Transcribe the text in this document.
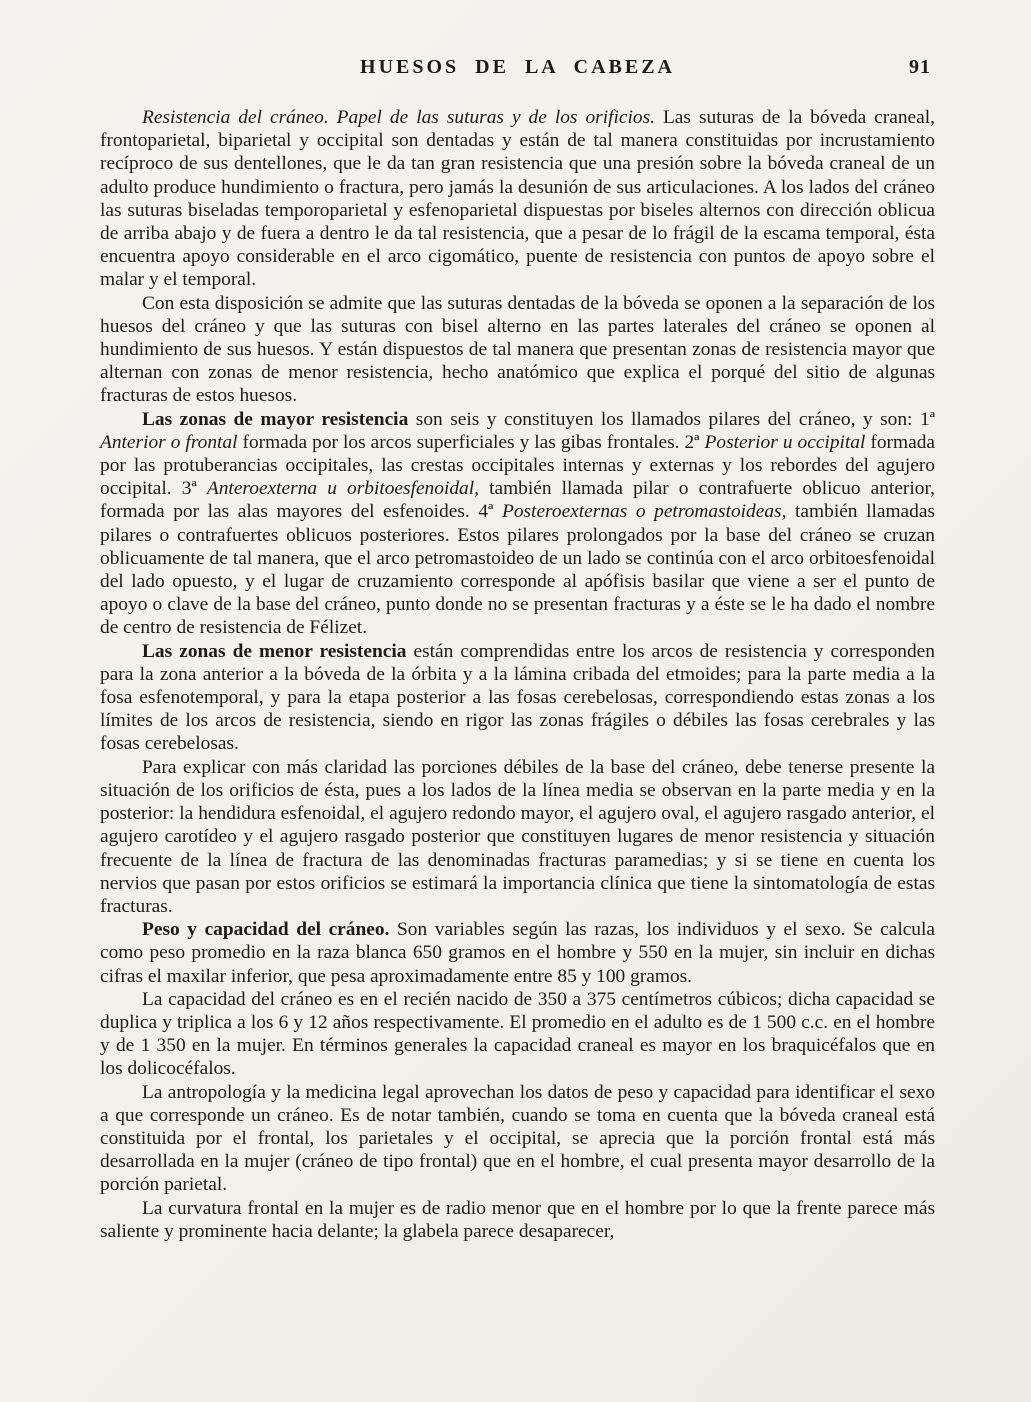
HUESOS DE LA CABEZA	91

Resistencia del cráneo. Papel de las suturas y de los orificios. Las suturas de la bóveda craneal, frontoparietal, biparietal y occipital son dentadas y están de tal manera constituidas por incrustamiento recíproco de sus dentellones, que le da tan gran resistencia que una presión sobre la bóveda craneal de un adulto produce hundimiento o fractura, pero jamás la desunión de sus articulaciones. A los lados del cráneo las suturas biseladas temporoparietal y esfenoparietal dispuestas por biseles alternos con dirección oblicua de arriba abajo y de fuera a dentro le da tal resistencia, que a pesar de lo frágil de la escama temporal, ésta encuentra apoyo considerable en el arco cigomático, puente de resistencia con puntos de apoyo sobre el malar y el temporal.

Con esta disposición se admite que las suturas dentadas de la bóveda se oponen a la separación de los huesos del cráneo y que las suturas con bisel alterno en las partes laterales del cráneo se oponen al hundimiento de sus huesos. Y están dispuestos de tal manera que presentan zonas de resistencia mayor que alternan con zonas de menor resistencia, hecho anatómico que explica el porqué del sitio de algunas fracturas de estos huesos.

Las zonas de mayor resistencia son seis y constituyen los llamados pilares del cráneo, y son: 1ª Anterior o frontal formada por los arcos superficiales y las gibas frontales. 2ª Posterior u occipital formada por las protuberancias occipitales, las crestas occipitales internas y externas y los rebordes del agujero occipital. 3ª Anteroexterna u orbitoesfenoidal, también llamada pilar o contrafuerte oblicuo anterior, formada por las alas mayores del esfenoides. 4ª Posteroexternas o petromastoideas, también llamadas pilares o contrafuertes oblicuos posteriores. Estos pilares prolongados por la base del cráneo se cruzan oblicuamente de tal manera, que el arco petromastoideo de un lado se continúa con el arco orbitoesfenoidal del lado opuesto, y el lugar de cruzamiento corresponde al apófisis basilar que viene a ser el punto de apoyo o clave de la base del cráneo, punto donde no se presentan fracturas y a éste se le ha dado el nombre de centro de resistencia de Félizet.

Las zonas de menor resistencia están comprendidas entre los arcos de resistencia y corresponden para la zona anterior a la bóveda de la órbita y a la lámina cribada del etmoides; para la parte media a la fosa esfenotemporal, y para la etapa posterior a las fosas cerebelosas, correspondiendo estas zonas a los límites de los arcos de resistencia, siendo en rigor las zonas frágiles o débiles las fosas cerebrales y las fosas cerebelosas.

Para explicar con más claridad las porciones débiles de la base del cráneo, debe tenerse presente la situación de los orificios de ésta, pues a los lados de la línea media se observan en la parte media y en la posterior: la hendidura esfenoidal, el agujero redondo mayor, el agujero oval, el agujero rasgado anterior, el agujero carotídeo y el agujero rasgado posterior que constituyen lugares de menor resistencia y situación frecuente de la línea de fractura de las denominadas fracturas paramedias; y si se tiene en cuenta los nervios que pasan por estos orificios se estimará la importancia clínica que tiene la sintomatología de estas fracturas.

Peso y capacidad del cráneo. Son variables según las razas, los individuos y el sexo. Se calcula como peso promedio en la raza blanca 650 gramos en el hombre y 550 en la mujer, sin incluir en dichas cifras el maxilar inferior, que pesa aproximadamente entre 85 y 100 gramos.

La capacidad del cráneo es en el recién nacido de 350 a 375 centímetros cúbicos; dicha capacidad se duplica y triplica a los 6 y 12 años respectivamente. El promedio en el adulto es de 1 500 c.c. en el hombre y de 1 350 en la mujer. En términos generales la capacidad craneal es mayor en los braquicéfalos que en los dolicocéfalos.

La antropología y la medicina legal aprovechan los datos de peso y capacidad para identificar el sexo a que corresponde un cráneo. Es de notar también, cuando se toma en cuenta que la bóveda craneal está constituida por el frontal, los parietales y el occipital, se aprecia que la porción frontal está más desarrollada en la mujer (cráneo de tipo frontal) que en el hombre, el cual presenta mayor desarrollo de la porción parietal.

La curvatura frontal en la mujer es de radio menor que en el hombre por lo que la frente parece más saliente y prominente hacia delante; la glabela parece desaparecer,
